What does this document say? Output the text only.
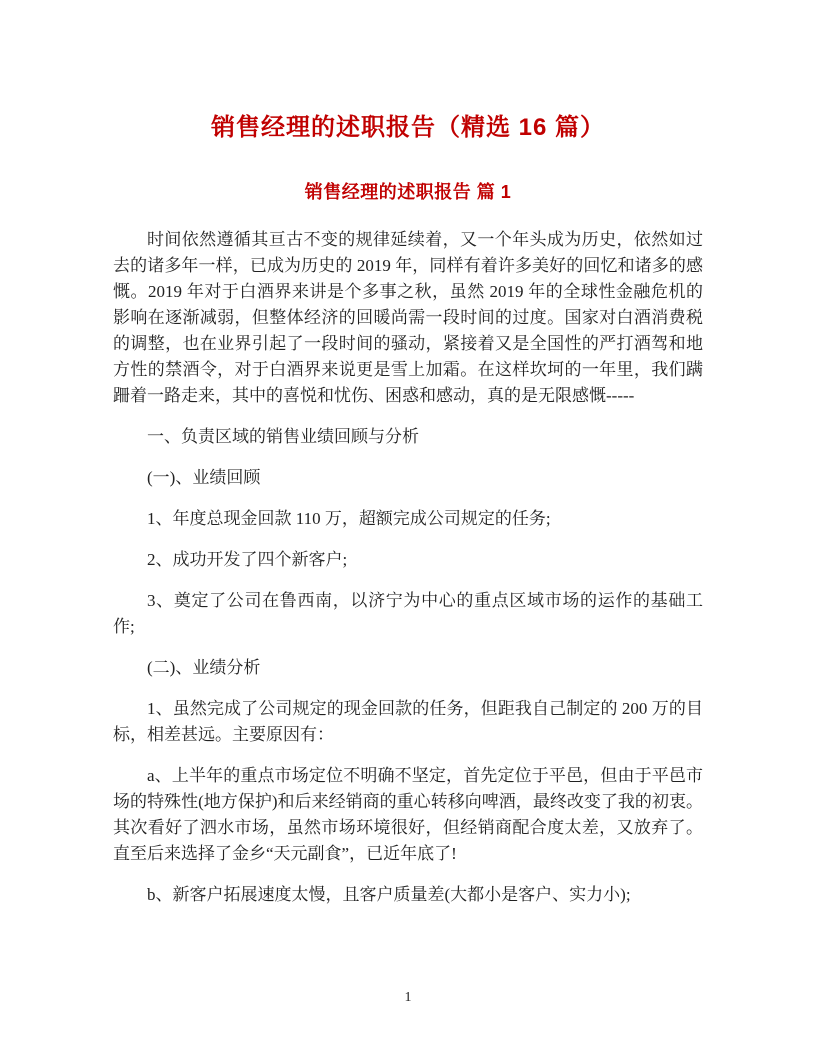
销售经理的述职报告（精选 16 篇）
销售经理的述职报告 篇 1

时间依然遵循其亘古不变的规律延续着，又一个年头成为历史，依然如过去的诸多年一样，已成为历史的 2019 年，同样有着许多美好的回忆和诸多的感慨。2019 年对于白酒界来讲是个多事之秋，虽然 2019 年的全球性金融危机的影响在逐渐减弱，但整体经济的回暖尚需一段时间的过度。国家对白酒消费税的调整，也在业界引起了一段时间的骚动，紧接着又是全国性的严打酒驾和地方性的禁酒令，对于白酒界来说更是雪上加霜。在这样坎坷的一年里，我们蹒跚着一路走来，其中的喜悦和忧伤、困惑和感动，真的是无限感慨-----

一、负责区域的销售业绩回顾与分析

(一)、业绩回顾

1、年度总现金回款 110 万，超额完成公司规定的任务;

2、成功开发了四个新客户;

3、奠定了公司在鲁西南，以济宁为中心的重点区域市场的运作的基础工作;

(二)、业绩分析

1、虽然完成了公司规定的现金回款的任务，但距我自己制定的 200 万的目标，相差甚远。主要原因有：

a、上半年的重点市场定位不明确不坚定，首先定位于平邑，但由于平邑市场的特殊性(地方保护)和后来经销商的重心转移向啤酒，最终改变了我的初衷。其次看好了泗水市场，虽然市场环境很好，但经销商配合度太差，又放弃了。直至后来选择了金乡“天元副食”，已近年底了!

b、新客户拓展速度太慢，且客户质量差(大都小是客户、实力小);

1
